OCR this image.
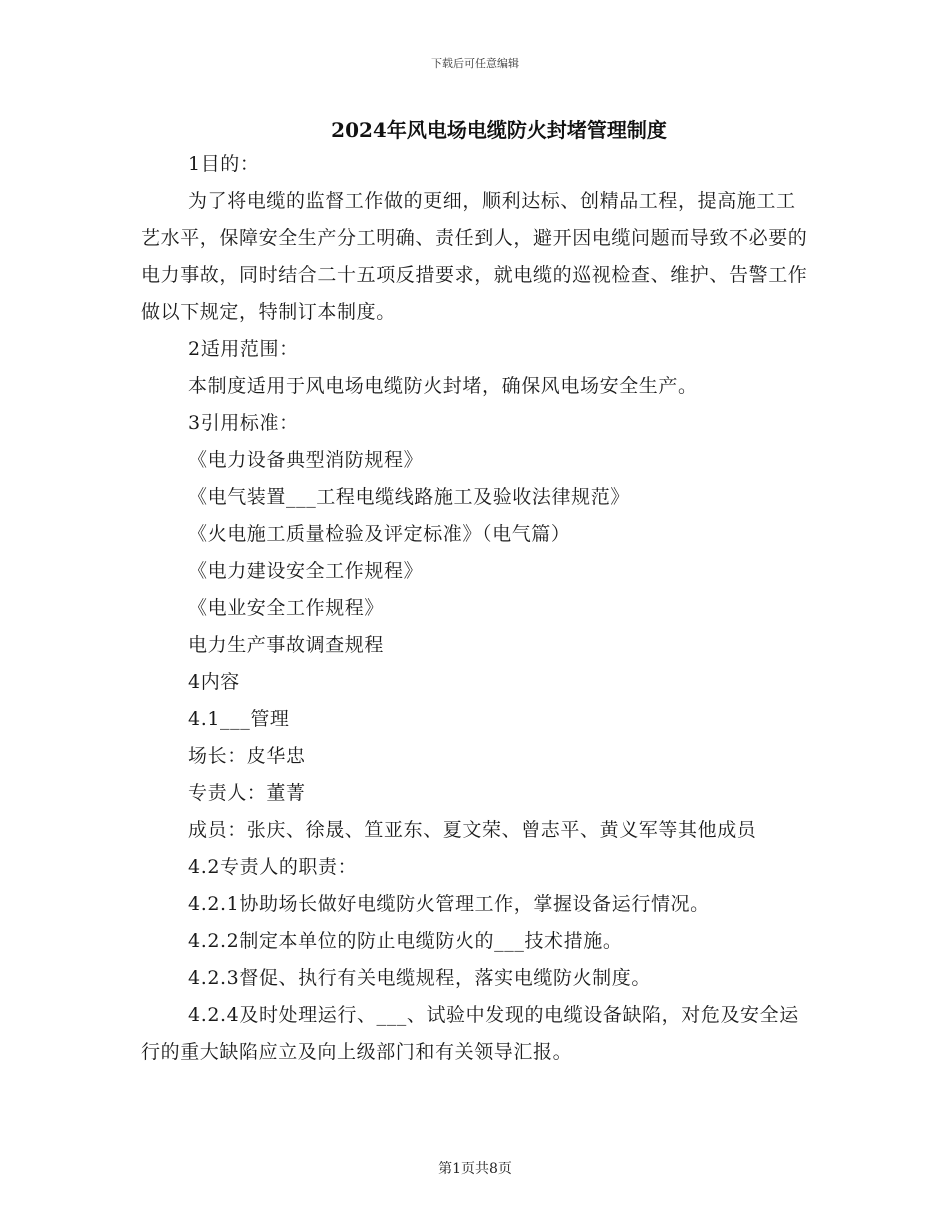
下载后可任意编辑
2024年风电场电缆防火封堵管理制度

1目的：

为了将电缆的监督工作做的更细，顺利达标、创精品工程，提高施工工艺水平，保障安全生产分工明确、责任到人，避开因电缆问题而导致不必要的电力事故，同时结合二十五项反措要求，就电缆的巡视检查、维护、告警工作做以下规定，特制订本制度。

2适用范围：

本制度适用于风电场电缆防火封堵，确保风电场安全生产。

3引用标准：

《电力设备典型消防规程》

《电气装置___工程电缆线路施工及验收法律规范》

《火电施工质量检验及评定标准》（电气篇）

《电力建设安全工作规程》

《电业安全工作规程》

电力生产事故调查规程

4内容

4.1___管理

场长：皮华忠

专责人：董菁

成员：张庆、徐晟、笪亚东、夏文荣、曾志平、黄义军等其他成员

4.2专责人的职责：

4.2.1协助场长做好电缆防火管理工作，掌握设备运行情况。

4.2.2制定本单位的防止电缆防火的___技术措施。

4.2.3督促、执行有关电缆规程，落实电缆防火制度。

4.2.4及时处理运行、___、试验中发现的电缆设备缺陷，对危及安全运行的重大缺陷应立及向上级部门和有关领导汇报。

第1页共8页
